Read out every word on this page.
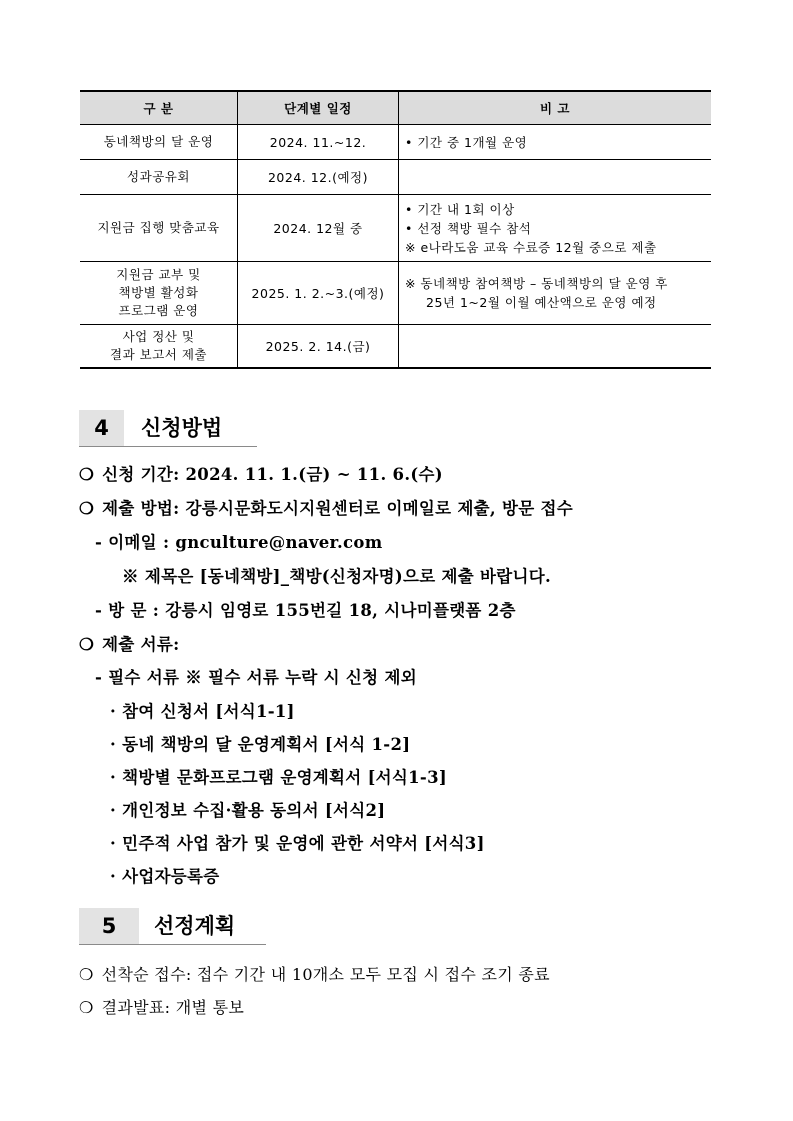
구 분	단계별 일정	비 고
동네책방의 달 운영	2024. 11.~12.	• 기간 중 1개월 운영

성과공유회	2024. 12.(예정)	
지원금 집행 맞춤교육	2024. 12월 중	• 기간 내 1회 이상
• 선정 책방 필수 참석
※ e나라도움 교육 수료증 12월 중으로 제출

지원금 교부 및
책방별 활성화
프로그램 운영	2025. 1. 2.~3.(예정)	※ 동네책방 참여책방 – 동네책방의 달 운영 후
25년 1~2월 이월 예산액으로 운영 예정

사업 정산 및
결과 보고서 제출	2025. 2. 14.(금)	
4	신청방법
❍ 신청 기간: 2024. 11. 1.(금) ~ 11. 6.(수)
❍ 제출 방법: 강릉시문화도시지원센터로 이메일로 제출, 방문 접수
- 이메일 : gnculture@naver.com
※ 제목은 [동네책방]_책방(신청자명)으로 제출 바랍니다.
- 방 문 : 강릉시 임영로 155번길 18, 시나미플랫폼 2층
❍ 제출 서류:
- 필수 서류 ※ 필수 서류 누락 시 신청 제외
· 참여 신청서 [서식1-1]
· 동네 책방의 달 운영계획서 [서식 1-2]
· 책방별 문화프로그램 운영계획서 [서식1-3]
· 개인정보 수집·활용 동의서 [서식2]
· 민주적 사업 참가 및 운영에 관한 서약서 [서식3]
· 사업자등록증
5	선정계획
❍ 선착순 접수: 접수 기간 내 10개소 모두 모집 시 접수 조기 종료
❍ 결과발표: 개별 통보
